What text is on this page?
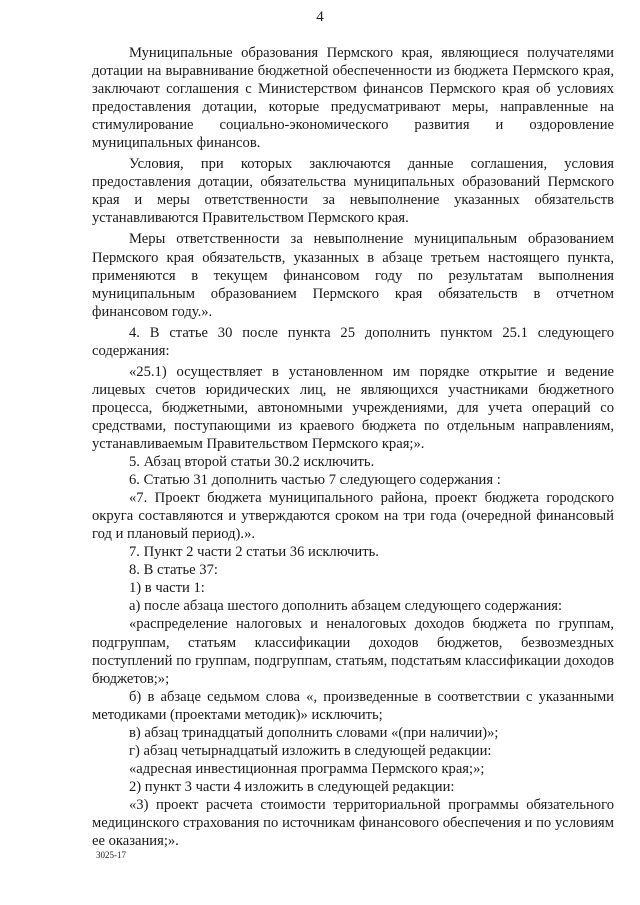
4

Муниципальные образования Пермского края, являющиеся получателями дотации на выравнивание бюджетной обеспеченности из бюджета Пермского края, заключают соглашения с Министерством финансов Пермского края об условиях предоставления дотации, которые предусматривают меры, направленные на стимулирование социально-экономического развития и оздоровление муниципальных финансов.

Условия, при которых заключаются данные соглашения, условия предоставления дотации, обязательства муниципальных образований Пермского края и меры ответственности за невыполнение указанных обязательств устанавливаются Правительством Пермского края.

Меры ответственности за невыполнение муниципальным образованием Пермского края обязательств, указанных в абзаце третьем настоящего пункта, применяются в текущем финансовом году по результатам выполнения муниципальным образованием Пермского края обязательств в отчетном финансовом году.».

4. В статье 30 после пункта 25 дополнить пунктом 25.1 следующего содержания:

«25.1) осуществляет в установленном им порядке открытие и ведение лицевых счетов юридических лиц, не являющихся участниками бюджетного процесса, бюджетными, автономными учреждениями, для учета операций со средствами, поступающими из краевого бюджета по отдельным направлениям, устанавливаемым Правительством Пермского края;».

5. Абзац второй статьи 30.2 исключить.

6. Статью 31 дополнить частью 7 следующего содержания :

«7. Проект бюджета муниципального района, проект бюджета городского округа составляются и утверждаются сроком на три года (очередной финансовый год и плановый период).».

7. Пункт 2 части 2 статьи 36 исключить.

8. В статье 37:

1) в части 1:

а) после абзаца шестого дополнить абзацем следующего содержания:

«распределение налоговых и неналоговых доходов бюджета по группам, подгруппам, статьям классификации доходов бюджетов, безвозмездных поступлений по группам, подгруппам, статьям, подстатьям классификации доходов бюджетов;»;

б) в абзаце седьмом слова «, произведенные в соответствии с указанными методиками (проектами методик)» исключить;

в) абзац тринадцатый дополнить словами «(при наличии)»;

г) абзац четырнадцатый изложить в следующей редакции:

«адресная инвестиционная программа Пермского края;»;

2) пункт 3 части 4 изложить в следующей редакции:

«3) проект расчета стоимости территориальной программы обязательного медицинского страхования по источникам финансового обеспечения и по условиям ее оказания;».

3025-17
